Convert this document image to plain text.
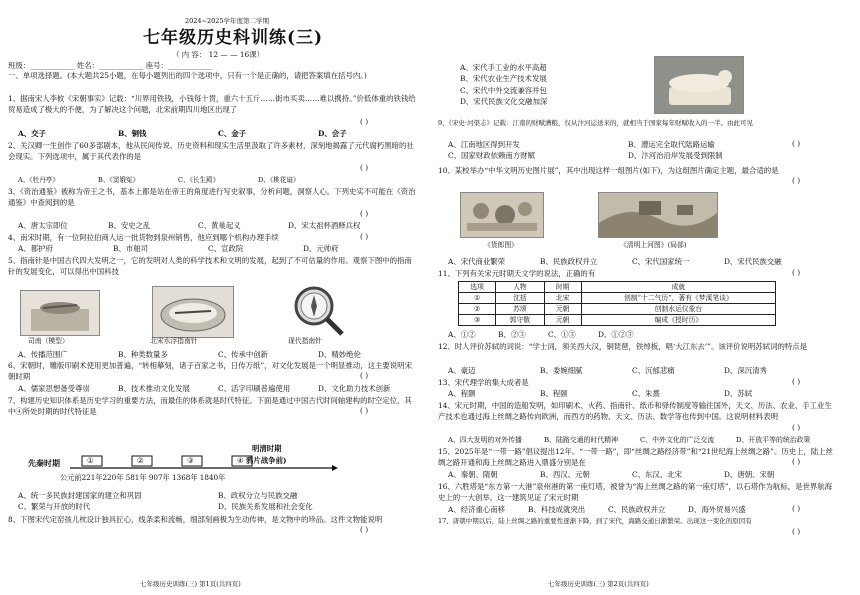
2024~2025学年度第二学期
七年级历史科训练(三)
（ 内 容： 12 — — 16课）
班级：____________ 姓名：____________ 座号：____________
一、单项选择题。(本大题共25小题，在每小题列出的四个选项中，只有一个是正确的，请把答案填在括号内。)
1、据南宋人李攸《宋朝事实》记载：“川界用铁钱，小钱每十贯，重六十五斤……街市买卖……难以携持。”价低体重的铁钱给贸易造成了极大的不便，为了解决这个问题，北宋前期四川地区出现了
( )
A、交子	B、铜钱	C、金子	D、会子
2、关汉卿一生创作了60多部剧本，他从民间传说、历史资料和现实生活里汲取了许多素材，深刻地揭露了元代腐朽黑暗的社会现实。下列选项中，属于其代表作的是
( )
A、《牡丹亭》	B、《窦娥冤》	C、《长生殿》	D、《桃花扇》
3、《资治通鉴》被称为帝王之书，基本上都是站在帝王的角度进行写史叙事，分析问题，洞察人心。下列史实不可能在《资治通鉴》中查阅到的是
( )
A、唐太宗即位	B、安史之乱	C、黄巢起义	D、宋太祖杯酒释兵权
4、南宋时期，有一位阿拉伯商人运一批货物到泉州销售，他应到哪个机构办理手续	( )
A、都护府	B、市舶司	C、宣政院	D、元帅府
5、指南针是中国古代四大发明之一，它的发明对人类的科学技术和文明的发展，起到了不可估量的作用。观察下图中的指南针的发展变化，可以得出中国科技
司南（模型）	北宋水浮指南针	现代指南针
A、传播范围广	B、种类数量多	C、传承中创新	D、精妙绝伦
6、宋朝时，雕版印刷术使用更加普遍，“转相摹刻，诸子百家之书，日传万纸”，对文化发展是一个明显推动，这主要说明宋朝时期	( )
A、儒家思想备受尊崇	B、技术推动文化发展	C、活字印刷普遍使用	D、文化助力技术创新
7、构建历史知识体系是历史学习的重要方法，而最佳的体系就是时代特征。下面是通过中国古代时间轴建构的时空定位，其中④所处时期的时代特征是	( )
先秦时期	①	②	③	④
明清时期
鸦片战争前)
公元前221年220年 581年 907年 1368年 1840年
A、统一多民族封建国家的建立和巩固	B、政权分立与民族交融
C、繁荣与开放的时代	D、民族关系发展和社会变化
8、下图宋代定窑孩儿枕设计独具匠心，线条柔和流畅，细部刻画极为生动传神，是文物中的珍品。这件文物能说明
( )
七年级历史训练(三) 第1页(共四页)
A、宋代手工业的水平高超
B、宋代农业生产技术发展
C、宋代中外交流兼容并包
D、宋代民族文化交融加深
9、《宋史·河渠志》记载：江南的财赋漕粮，仅从汴河运送来的，就相当于国家每年财赋收入的一半。由此可见
( )
A、江南地区得到开发	B、漕运完全取代陆路运输
C、国家财政依赖南方财赋	D、汴河治沿岸发展受到限制
10、某校举办“中华文明历史图片展”，其中出现这样一组图片(如下)，为这组图片确定主题，最合适的是
( )
《货郎图》	《清明上河图》(局部)
A、宋代商业繁荣	B、民族政权并立	C、宋代国家统一	D、宋代民族交融
11、下列有关宋元时期天文学的说法，正确的有	( )
选项	人物	时期	成就
①	沈括	北宋	创制“十二气历”，著有《梦溪笔谈》
②	苏颂	元朝	创制水运仪象台
③	郭守敬	元朝	编成《授时历》
A、①②	B、②③	C、①③	D、①②③
12、时人评价苏轼的词说：“学士词，须关西大汉，铜琵琶，铁绰板，唱‘大江东去’”。该评价说明苏轼词的特点是
A、豪迈	B、委婉细腻	C、沉郁悲痛	D、深沉清秀
13、宋代理学的集大成者是	( )
A、程颢	B、程颐	C、朱熹	D、苏轼
14、宋元时期，中国的造船发明，如印刷术、火药、指南针、纸币和驿传制度等输往国外，天文、历法、农业、手工业生产技术也通过海上丝绸之路传向欧洲，而西方的药物、天文、历法、数学等也传到中国。这说明材料表明
( )
A、四大发明的对外传播	B、陆路交通的时代精神	C、中外文化的广泛交流	D、开放平等的统治政策
15、2025年是“一带一路”倡议提出12年。“一带一路”，即“丝绸之路经济带”和“21世纪海上丝绸之路”。历史上，陆上丝绸之路开通和海上丝绸之路进入鼎盛分别是在	( )
A、秦朝、隋朝	B、西汉、元朝	C、东汉、北宋	D、唐朝、宋朝
16、六胜塔是“东方第一大港”泉州港的第一座灯塔，被誉为“海上丝绸之路的第一座灯塔”，以石塔作为航标，是世界航海史上的一大创举。这一建筑见证了宋元时期
( )
A、经济重心南移	B、科技成就突出	C、民族政权并立	D、海外贸易兴盛
17、唐朝中期以后，陆上丝绸之路的重要性逐渐下降，到了宋代，海路交通日渐繁荣。出现这一变化的原因有
( )
七年级历史训练(三) 第2页(共四页)
